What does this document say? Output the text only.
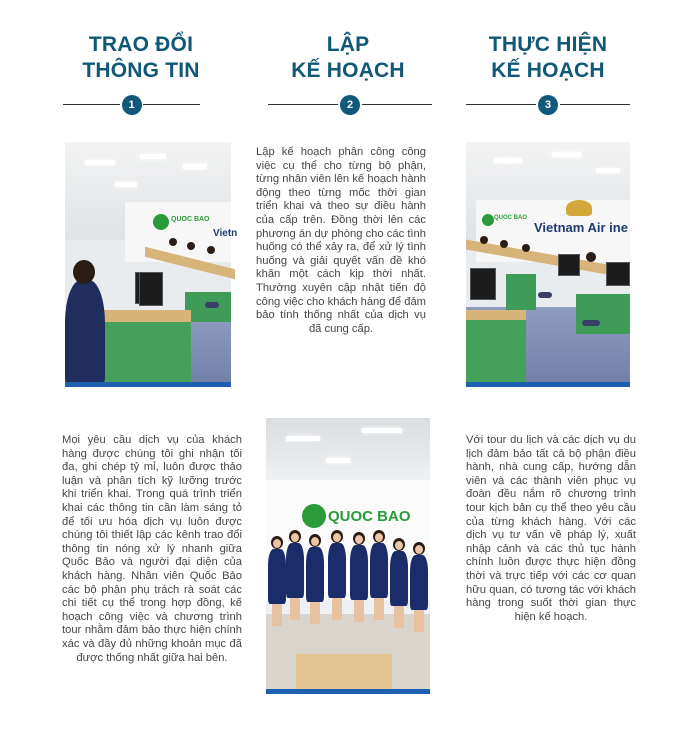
TRAO ĐỔI
THÔNG TIN
1
LẬP
KẾ HOẠCH
2
THỰC HIỆN
KẾ HOẠCH
3
QUOC BAO
Vietn
Lập kế hoạch phân công công việc cụ thể cho từng bộ phận, từng nhân viên lên kế hoạch hành động theo từng mốc thời gian triển khai và theo sự điều hành của cấp trên. Đồng thời lên các phương án dự phòng cho các tình huống có thể xảy ra, để xử lý tình huống và giải quyết vấn đề khó khăn một cách kịp thời nhất. Thường xuyên cập nhật tiến độ công việc cho khách hàng để đảm bảo tính thống nhất của dịch vụ đã cung cấp.
QUOC BAO
Vietnam Air ine
Mọi yêu cầu dịch vụ của khách hàng được chúng tôi ghi nhận tối đa, ghi chép tỷ mỉ, luôn được thảo luận và phân tích kỹ lưỡng trước khi triển khai. Trong quá trình triển khai các thông tin cần làm sáng tỏ để tối ưu hóa dịch vụ luôn được chúng tôi thiết lập các kênh trao đổi thông tin nóng xử lý nhanh giữa Quốc Bảo và người đại diện của khách hàng. Nhân viên Quốc Bảo các bộ phận phụ trách rà soát các chi tiết cụ thể trong hợp đồng, kế hoạch công việc và chương trình tour nhằm đảm bảo thực hiện chính xác và đầy đủ những khoản mục đã được thống nhất giữa hai bên.
QUOC BAO
Với tour du lịch và các dịch vụ du lịch đảm bảo tất cả bộ phận điều hành, nhà cung cấp, hướng dẫn viên và các thành viên phục vụ đoàn đều nắm rõ chương trình tour kịch bản cụ thể theo yêu cầu của từng khách hàng. Với các dịch vụ tư vấn về pháp lý, xuất nhập cảnh và các thủ tục hành chính luôn được thực hiện đồng thời và trực tiếp với các cơ quan hữu quan, có tương tác với khách hàng trong suốt thời gian thực hiện kế hoạch.
